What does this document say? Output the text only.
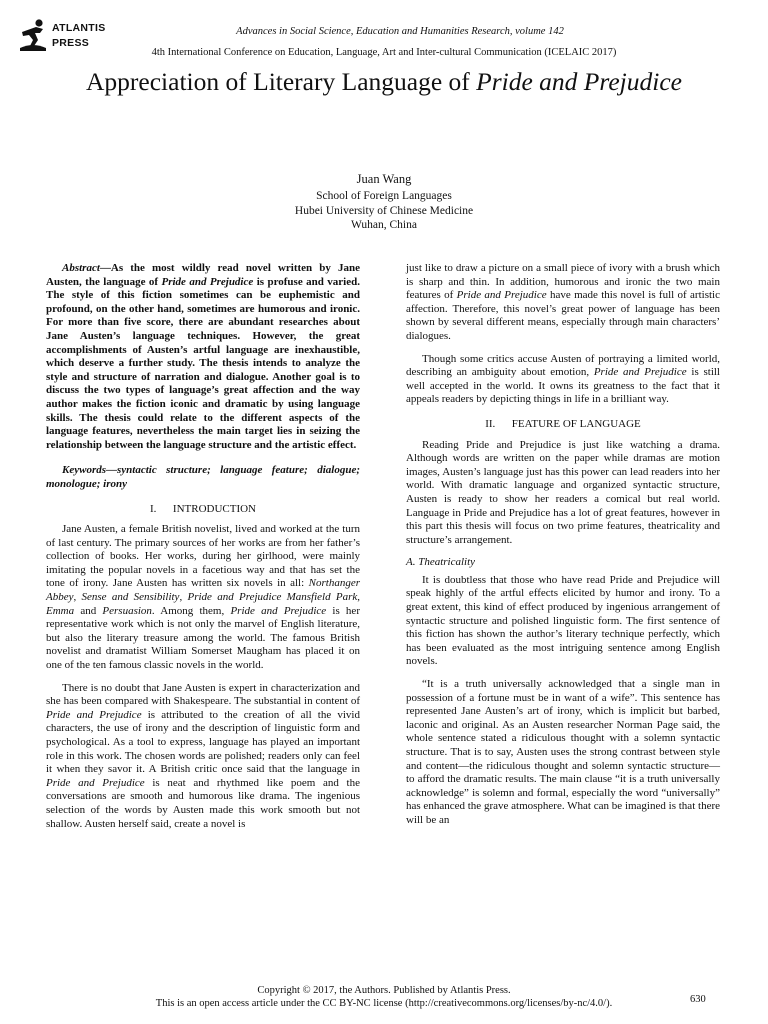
ATLANTIS
PRESS
Advances in Social Science, Education and Humanities Research, volume 142
4th International Conference on Education, Language, Art and Inter-cultural Communication (ICELAIC 2017)
Appreciation of Literary Language of Pride and Prejudice
Juan Wang
School of Foreign Languages
Hubei University of Chinese Medicine
Wuhan, China

Abstract—As the most wildly read novel written by Jane Austen, the language of Pride and Prejudice is profuse and varied. The style of this fiction sometimes can be euphemistic and profound, on the other hand, sometimes are humorous and ironic. For more than five score, there are abundant researches about Jane Austen’s language techniques. However, the great accomplishments of Austen’s artful language are inexhaustible, which deserve a further study. The thesis intends to analyze the style and structure of narration and dialogue. Another goal is to discuss the two types of language’s great affection and the way author makes the fiction iconic and dramatic by using language skills. The thesis could relate to the different aspects of the language features, nevertheless the main target lies in seizing the relationship between the language structure and the artistic effect.

Keywords—syntactic structure; language feature; dialogue; monologue; irony

I. INTRODUCTION

Jane Austen, a female British novelist, lived and worked at the turn of last century. The primary sources of her works are from her father’s collection of books. Her works, during her girlhood, were mainly imitating the popular novels in a facetious way and that has set the tone of irony. Jane Austen has written six novels in all: Northanger Abbey, Sense and Sensibility, Pride and Prejudice Mansfield Park, Emma and Persuasion. Among them, Pride and Prejudice is her representative work which is not only the marvel of English literature, but also the literary treasure among the world. The famous British novelist and dramatist William Somerset Maugham has placed it on one of the ten famous classic novels in the world.

There is no doubt that Jane Austen is expert in characterization and she has been compared with Shakespeare. The substantial in content of Pride and Prejudice is attributed to the creation of all the vivid characters, the use of irony and the description of linguistic form and psychological. As a tool to express, language has played an important role in this work. The chosen words are polished; readers only can feel it when they savor it. A British critic once said that the language in Pride and Prejudice is neat and rhythmed like poem and the conversations are smooth and humorous like drama. The ingenious selection of the words by Austen made this work smooth but not shallow. Austen herself said, create a novel is

just like to draw a picture on a small piece of ivory with a brush which is sharp and thin. In addition, humorous and ironic the two main features of Pride and Prejudice have made this novel is full of artistic affection. Therefore, this novel’s great power of language has been shown by several different means, especially through main characters’ dialogues.

Though some critics accuse Austen of portraying a limited world, describing an ambiguity about emotion, Pride and Prejudice is still well accepted in the world. It owns its greatness to the fact that it appeals readers by depicting things in life in a brilliant way.

II. FEATURE OF LANGUAGE

Reading Pride and Prejudice is just like watching a drama. Although words are written on the paper while dramas are motion images, Austen’s language just has this power can lead readers into her world. With dramatic language and organized syntactic structure, Austen is ready to show her readers a comical but real world. Language in Pride and Prejudice has a lot of great features, however in this part this thesis will focus on two prime features, theatricality and structure’s arrangement.

A. Theatricality

It is doubtless that those who have read Pride and Prejudice will speak highly of the artful effects elicited by humor and irony. To a great extent, this kind of effect produced by ingenious arrangement of syntactic structure and polished linguistic form. The first sentence of this fiction has shown the author’s literary technique perfectly, which has been evaluated as the most intriguing sentence among English novels.

“It is a truth universally acknowledged that a single man in possession of a fortune must be in want of a wife”. This sentence has represented Jane Austen’s art of irony, which is implicit but barbed, laconic and original. As an Austen researcher Norman Page said, the whole sentence stated a ridiculous thought with a solemn syntactic structure. That is to say, Austen uses the strong contrast between style and content—the ridiculous thought and solemn syntactic structure—to afford the dramatic results. The main clause “it is a truth universally acknowledge” is solemn and formal, especially the word “universally” has enhanced the grave atmosphere. What can be imagined is that there will be an

Copyright © 2017, the Authors. Published by Atlantis Press.
This is an open access article under the CC BY-NC license (http://creativecommons.org/licenses/by-nc/4.0/).	630
